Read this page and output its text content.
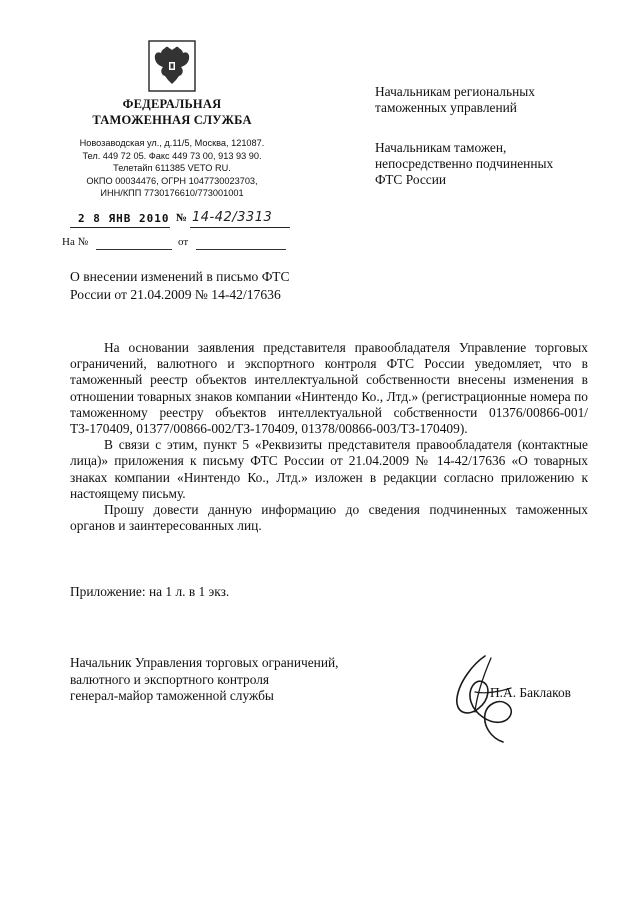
ФЕДЕРАЛЬНАЯ
ТАМОЖЕННАЯ СЛУЖБА
Новозаводская ул., д.11/5, Москва, 121087.
Тел. 449 72 05. Факс 449 73 00, 913 93 90.
Телетайп 611385 VETO RU.
ОКПО 00034476, ОГРН 1047730023703,
ИНН/КПП 7730176610/773001001
2 8 ЯНВ 2010 № 14-42/3313
На №	от
Начальникам региональных
таможенных управлений
Начальникам таможен,
непосредственно подчиненных
ФТС России
О внесении изменений в письмо ФТС
России от 21.04.2009 № 14-42/17636

На основании заявления представителя правообладателя Управление торговых ограничений, валютного и экспортного контроля ФТС России уведомляет, что в таможенный реестр объектов интеллектуальной собственности внесены изменения в отношении товарных знаков компании «Нинтендо Ко., Лтд.» (регистрационные номера по таможенному реестру объектов интеллектуальной собственности 01376/00866-001/ТЗ-170409, 01377/00866-002/ТЗ-170409, 01378/00866-003/ТЗ-170409).

В связи с этим, пункт 5 «Реквизиты представителя правообладателя (контактные лица)» приложения к письму ФТС России от 21.04.2009 № 14-42/17636 «О товарных знаках компании «Нинтендо Ко., Лтд.» изложен в редакции согласно приложению к настоящему письму.

Прошу довести данную информацию до сведения подчиненных таможенных органов и заинтересованных лиц.

Приложение: на 1 л. в 1 экз.
Начальник Управления торговых ограничений,
валютного и экспортного контроля
генерал-майор таможенной службы	П.А. Баклаков
